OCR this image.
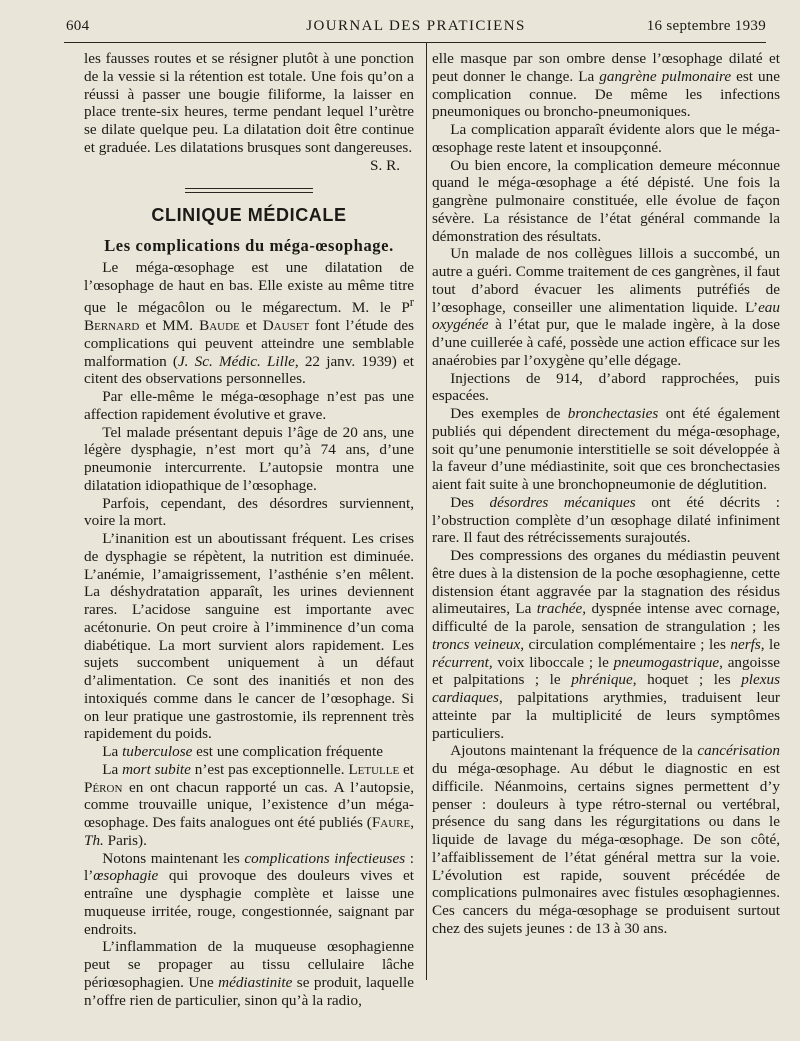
604	JOURNAL DES PRATICIENS	16 septembre 1939

les fausses routes et se résigner plutôt à une ponction de la vessie si la rétention est totale. Une fois qu’on a réussi à passer une bougie filiforme, la laisser en place trente-six heures, terme pendant lequel l’urètre se dilate quelque peu. La dilatation doit être continue et graduée. Les dilatations brusques sont dangereuses.

S. R.

CLINIQUE MÉDICALE
Les complications du méga-œsophage.

Le méga-œsophage est une dilatation de l’œsophage de haut en bas. Elle existe au même titre que le mégacôlon ou le mégarectum. M. le $P^r$ Bernard et MM. Baude et Dauset font l’étude des complications qui peuvent atteindre une semblable malformation (J. Sc. Médic. Lille, 22 janv. 1939) et citent des observations personnelles.

Par elle-même le méga-œsophage n’est pas une affection rapidement évolutive et grave.

Tel malade présentant depuis l’âge de 20 ans, une légère dysphagie, n’est mort qu’à 74 ans, d’une pneumonie intercurrente. L’autopsie montra une dilatation idiopathique de l’œsophage.

Parfois, cependant, des désordres surviennent, voire la mort.

L’inanition est un aboutissant fréquent. Les crises de dysphagie se répètent, la nutrition est diminuée. L’anémie, l’amaigrissement, l’asthénie s’en mêlent. La déshydratation apparaît, les urines deviennent rares. L’acidose sanguine est importante avec acétonurie. On peut croire à l’imminence d’un coma diabétique. La mort survient alors rapidement. Les sujets succombent uniquement à un défaut d’alimentation. Ce sont des inanitiés et non des intoxiqués comme dans le cancer de l’œsophage. Si on leur pratique une gastrostomie, ils reprennent très rapidement du poids.

La tuberculose est une complication fréquente

La mort subite n’est pas exceptionnelle. Letulle et Péron en ont chacun rapporté un cas. A l’autopsie, comme trouvaille unique, l’existence d’un méga-œsophage. Des faits analogues ont été publiés (Faure, Th. Paris).

Notons maintenant les complications infectieuses : l’œsophagie qui provoque des douleurs vives et entraîne une dysphagie complète et laisse une muqueuse irritée, rouge, congestionnée, saignant par endroits.

L’inflammation de la muqueuse œsophagienne peut se propager au tissu cellulaire lâche périœsophagien. Une médiastinite se produit, laquelle n’offre rien de particulier, sinon qu’à la radio,

elle masque par son ombre dense l’œsophage dilaté et peut donner le change. La gangrène pulmonaire est une complication connue. De même les infections pneumoniques ou broncho-pneumoniques.

La complication apparaît évidente alors que le méga-œsophage reste latent et insoupçonné.

Ou bien encore, la complication demeure méconnue quand le méga-œsophage a été dépisté. Une fois la gangrène pulmonaire constituée, elle évolue de façon sévère. La résistance de l’état général commande la démonstration des résultats.

Un malade de nos collègues lillois a succombé, un autre a guéri. Comme traitement de ces gangrènes, il faut tout d’abord évacuer les aliments putréfiés de l’œsophage, conseiller une alimentation liquide. L’eau oxygénée à l’état pur, que le malade ingère, à la dose d’une cuillerée à café, possède une action efficace sur les anaérobies par l’oxygène qu’elle dégage.

Injections de 914, d’abord rapprochées, puis espacées.

Des exemples de bronchectasies ont été également publiés qui dépendent directement du méga-œsophage, soit qu’une penumonie interstitielle se soit développée à la faveur d’une médiastinite, soit que ces bronchectasies aient fait suite à une bronchopneumonie de déglutition.

Des désordres mécaniques ont été décrits : l’obstruction complète d’un œsophage dilaté infiniment rare. Il faut des rétrécissements surajoutés.

Des compressions des organes du médiastin peuvent être dues à la distension de la poche œsophagienne, cette distension étant aggravée par la stagnation des résidus alimeutaires, La trachée, dyspnée intense avec cornage, difficulté de la parole, sensation de strangulation ; les troncs veineux, circulation complémentaire ; les nerfs, le récurrent, voix liboccale ; le pneumogastrique, angoisse et palpitations ; le phrénique, hoquet ; les plexus cardiaques, palpitations arythmies, traduisent leur atteinte par la multiplicité de leurs symptômes particuliers.

Ajoutons maintenant la fréquence de la cancérisation du méga-œsophage. Au début le diagnostic en est difficile. Néanmoins, certains signes permettent d’y penser : douleurs à type rétro-sternal ou vertébral, présence du sang dans les régurgitations ou dans le liquide de lavage du méga-œsophage. De son côté, l’affaiblissement de l’état général mettra sur la voie. L’évolution est rapide, souvent précédée de complications pulmonaires avec fistules œsophagiennes. Ces cancers du méga-œsophage se produisent surtout chez des sujets jeunes : de 13 à 30 ans.
